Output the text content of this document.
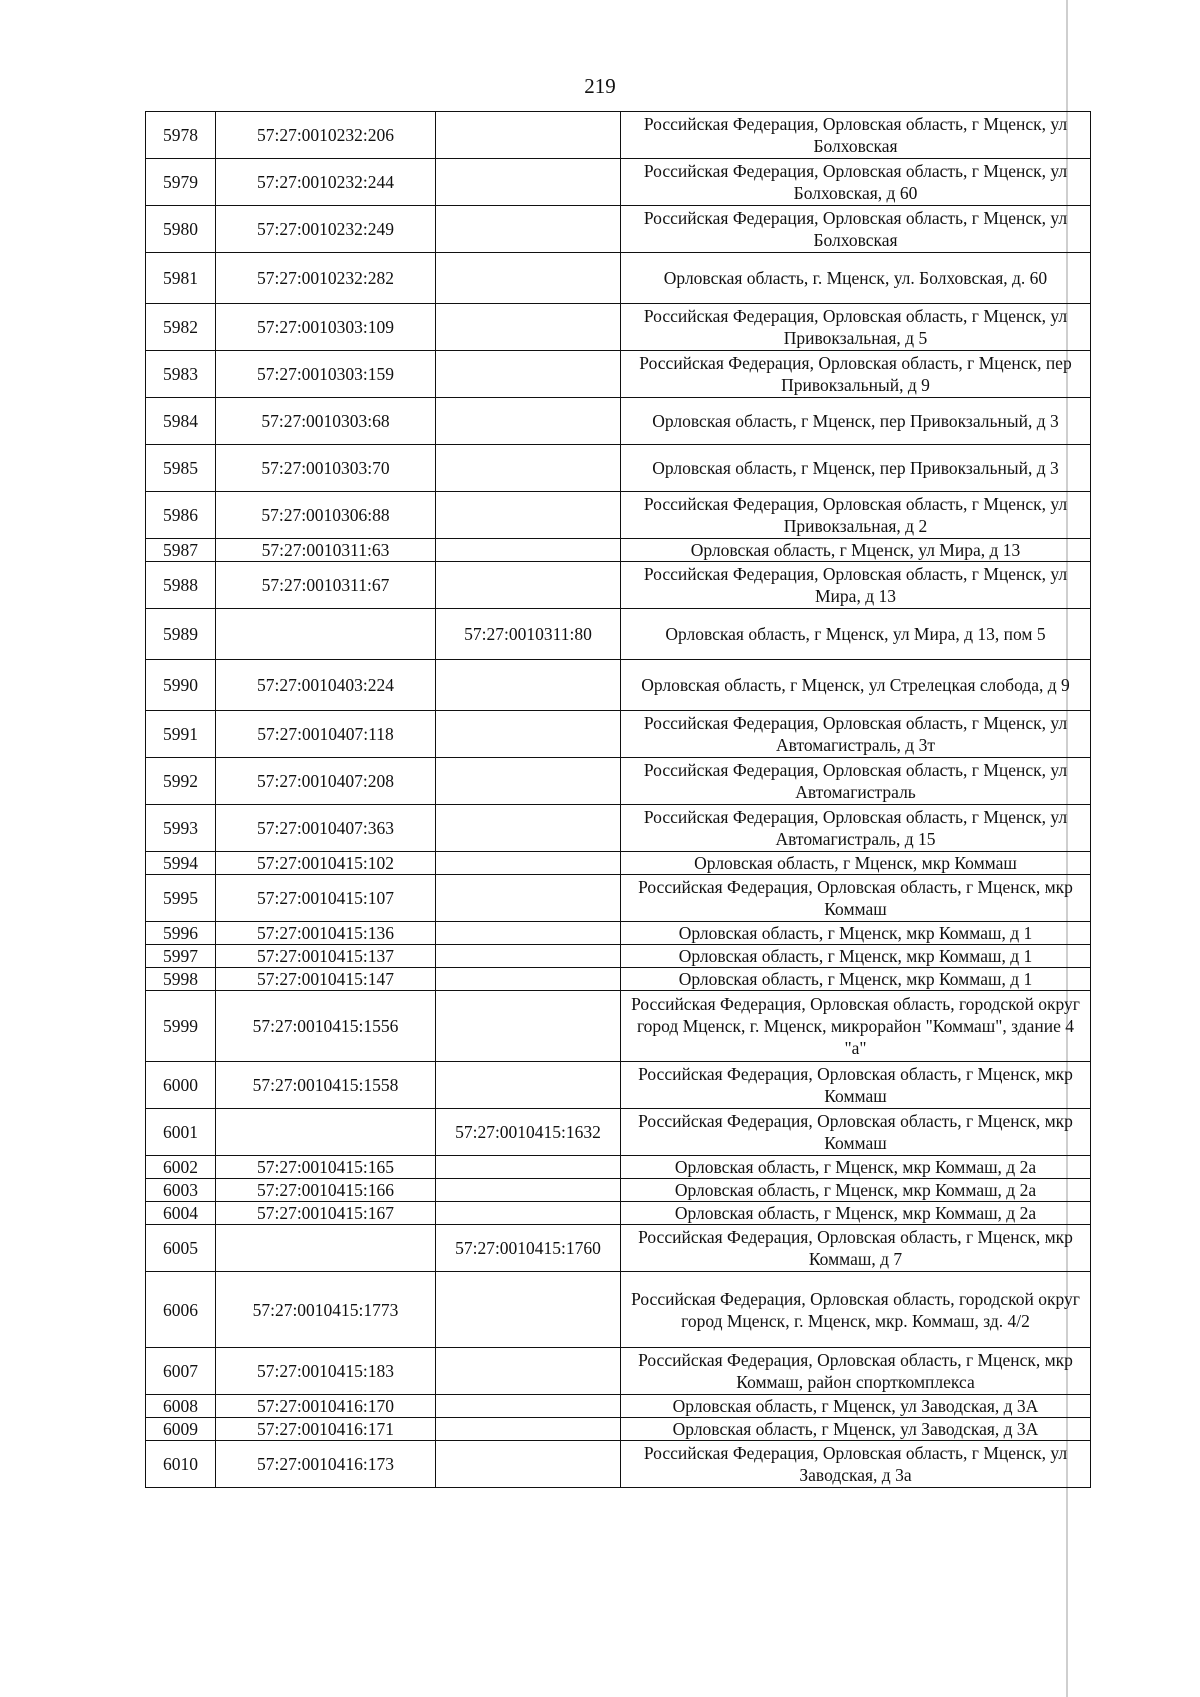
219
5978	57:27:0010232:206		Российская Федерация, Орловская область, г Мценск, ул Болховская
5979	57:27:0010232:244		Российская Федерация, Орловская область, г Мценск, ул Болховская, д 60
5980	57:27:0010232:249		Российская Федерация, Орловская область, г Мценск, ул Болховская
5981	57:27:0010232:282		Орловская область, г. Мценск, ул. Болховская, д. 60
5982	57:27:0010303:109		Российская Федерация, Орловская область, г Мценск, ул Привокзальная, д 5
5983	57:27:0010303:159		Российская Федерация, Орловская область, г Мценск, пер Привокзальный, д 9
5984	57:27:0010303:68		Орловская область, г Мценск, пер Привокзальный, д 3
5985	57:27:0010303:70		Орловская область, г Мценск, пер Привокзальный, д 3
5986	57:27:0010306:88		Российская Федерация, Орловская область, г Мценск, ул Привокзальная, д 2
5987	57:27:0010311:63		Орловская область, г Мценск, ул Мира, д 13
5988	57:27:0010311:67		Российская Федерация, Орловская область, г Мценск, ул Мира, д 13
5989		57:27:0010311:80	Орловская область, г Мценск, ул Мира, д 13, пом 5
5990	57:27:0010403:224		Орловская область, г Мценск, ул Стрелецкая слобода, д 9
5991	57:27:0010407:118		Российская Федерация, Орловская область, г Мценск, ул Автомагистраль, д 3т
5992	57:27:0010407:208		Российская Федерация, Орловская область, г Мценск, ул Автомагистраль
5993	57:27:0010407:363		Российская Федерация, Орловская область, г Мценск, ул Автомагистраль, д 15
5994	57:27:0010415:102		Орловская область, г Мценск, мкр Коммаш
5995	57:27:0010415:107		Российская Федерация, Орловская область, г Мценск, мкр Коммаш
5996	57:27:0010415:136		Орловская область, г Мценск, мкр Коммаш, д 1
5997	57:27:0010415:137		Орловская область, г Мценск, мкр Коммаш, д 1
5998	57:27:0010415:147		Орловская область, г Мценск, мкр Коммаш, д 1
5999	57:27:0010415:1556		Российская Федерация, Орловская область, городской округ город Мценск, г. Мценск, микрорайон "Коммаш", здание 4 "а"
6000	57:27:0010415:1558		Российская Федерация, Орловская область, г Мценск, мкр Коммаш
6001		57:27:0010415:1632	Российская Федерация, Орловская область, г Мценск, мкр Коммаш
6002	57:27:0010415:165		Орловская область, г Мценск, мкр Коммаш, д 2а
6003	57:27:0010415:166		Орловская область, г Мценск, мкр Коммаш, д 2а
6004	57:27:0010415:167		Орловская область, г Мценск, мкр Коммаш, д 2а
6005		57:27:0010415:1760	Российская Федерация, Орловская область, г Мценск, мкр Коммаш, д 7
6006	57:27:0010415:1773		Российская Федерация, Орловская область, городской округ город Мценск, г. Мценск, мкр. Коммаш, зд. 4/2
6007	57:27:0010415:183		Российская Федерация, Орловская область, г Мценск, мкр Коммаш, район спорткомплекса
6008	57:27:0010416:170		Орловская область, г Мценск, ул Заводская, д 3А
6009	57:27:0010416:171		Орловская область, г Мценск, ул Заводская, д 3А
6010	57:27:0010416:173		Российская Федерация, Орловская область, г Мценск, ул Заводская, д 3а
